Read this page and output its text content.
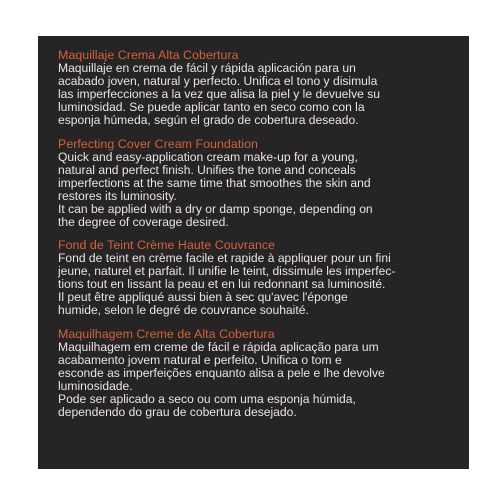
Maquillaje Crema Alta Cobertura
Maquillaje en crema de fácil y rápida aplicación para un
acabado joven, natural y perfecto. Unifica el tono y disimula
las imperfecciones a la vez que alisa la piel y le devuelve su
luminosidad. Se puede aplicar tanto en seco como con la
esponja húmeda, según el grado de cobertura deseado.
Perfecting Cover Cream Foundation
Quick and easy-application cream make-up for a young,
natural and perfect finish. Unifies the tone and conceals
imperfections at the same time that smoothes the skin and
restores its luminosity.
It can be applied with a dry or damp sponge, depending on
the degree of coverage desired.
Fond de Teint Crème Haute Couvrance
Fond de teint en crème facile et rapide à appliquer pour un fini
jeune, naturel et parfait. Il unifie le teint, dissimule les imperfec-
tions tout en lissant la peau et en lui redonnant sa luminosité.
Il peut être appliqué aussi bien à sec qu'avec l'éponge
humide, selon le degré de couvrance souhaité.
Maquilhagem Creme de Alta Cobertura
Maquilhagem em creme de fácil e rápida aplicação para um
acabamento jovem natural e perfeito. Unifica o tom e
esconde as imperfeições enquanto alisa a pele e lhe devolve
luminosidade.
Pode ser aplicado a seco ou com uma esponja húmida,
dependendo do grau de cobertura desejado.
